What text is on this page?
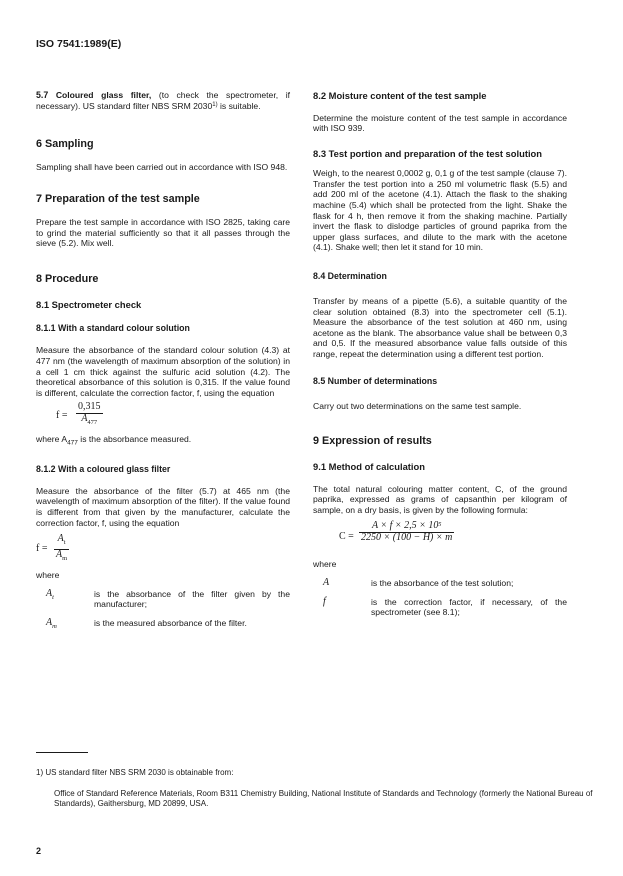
ISO 7541:1989(E)

5.7 Coloured glass filter, (to check the spectrometer, if necessary). US standard filter NBS SRM 2030$^{1)}$ is suitable.

6 Sampling

Sampling shall have been carried out in accordance with ISO 948.

7 Preparation of the test sample

Prepare the test sample in accordance with ISO 2825, taking care to grind the material sufficiently so that it all passes through the sieve (5.2). Mix well.

8 Procedure

8.1 Spectrometer check

8.1.1 With a standard colour solution

Measure the absorbance of the standard colour solution (4.3) at 477 nm (the wavelength of maximum absorption of the solution) in a cell 1 cm thick against the sulfuric acid solution (4.2). The theoretical absorbance of this solution is 0,315. If the value found is different, calculate the correction factor, f, using the equation

$f = \frac{0,315}{A_{477}}$

where $A_{477}$ is the absorbance measured.

8.1.2 With a coloured glass filter

Measure the absorbance of the filter (5.7) at 465 nm (the wavelength of maximum absorption of the filter). If the value found is different from that given by the manufacturer, calculate the correction factor, f, using the equation

$f = \frac{A_t}{A_m}$

where

$A_t$	is the absorbance of the filter given by the manufacturer;
$A_m$	is the measured absorbance of the filter.

8.2 Moisture content of the test sample

Determine the moisture content of the test sample in accordance with ISO 939.

8.3 Test portion and preparation of the test solution

Weigh, to the nearest 0,0002 g, 0,1 g of the test sample (clause 7). Transfer the test portion into a 250 ml volumetric flask (5.5) and add 200 ml of the acetone (4.1). Attach the flask to the shaking machine (5.4) which shall be protected from the light. Shake the flask for 4 h, then remove it from the shaking machine. Partially invert the flask to dislodge particles of ground paprika from the upper glass surfaces, and dilute to the mark with the acetone (4.1). Shake well; then let it stand for 10 min.

8.4 Determination

Transfer by means of a pipette (5.6), a suitable quantity of the clear solution obtained (8.3) into the spectrometer cell (5.1). Measure the absorbance of the test solution at 460 nm, using acetone as the blank. The absorbance value shall be between 0,3 and 0,5. If the measured absorbance value falls outside of this range, repeat the determination using a different test portion.

8.5 Number of determinations

Carry out two determinations on the same test sample.

9 Expression of results

9.1 Method of calculation

The total natural colouring matter content, C, of the ground paprika, expressed as grams of capsanthin per kilogram of sample, on a dry basis, is given by the following formula:

$C = \frac{A \times f \times 2,5 \times 10^5}{2250 \times (100 - H) \times m}$

where

A	is the absorbance of the test solution;
f	is the correction factor, if necessary, of the spectrometer (see 8.1);
1) US standard filter NBS SRM 2030 is obtainable from:
Office of Standard Reference Materials, Room B311 Chemistry Building, National Institute of Standards and Technology (formerly the National Bureau of Standards), Gaithersburg, MD 20899, USA.
2
